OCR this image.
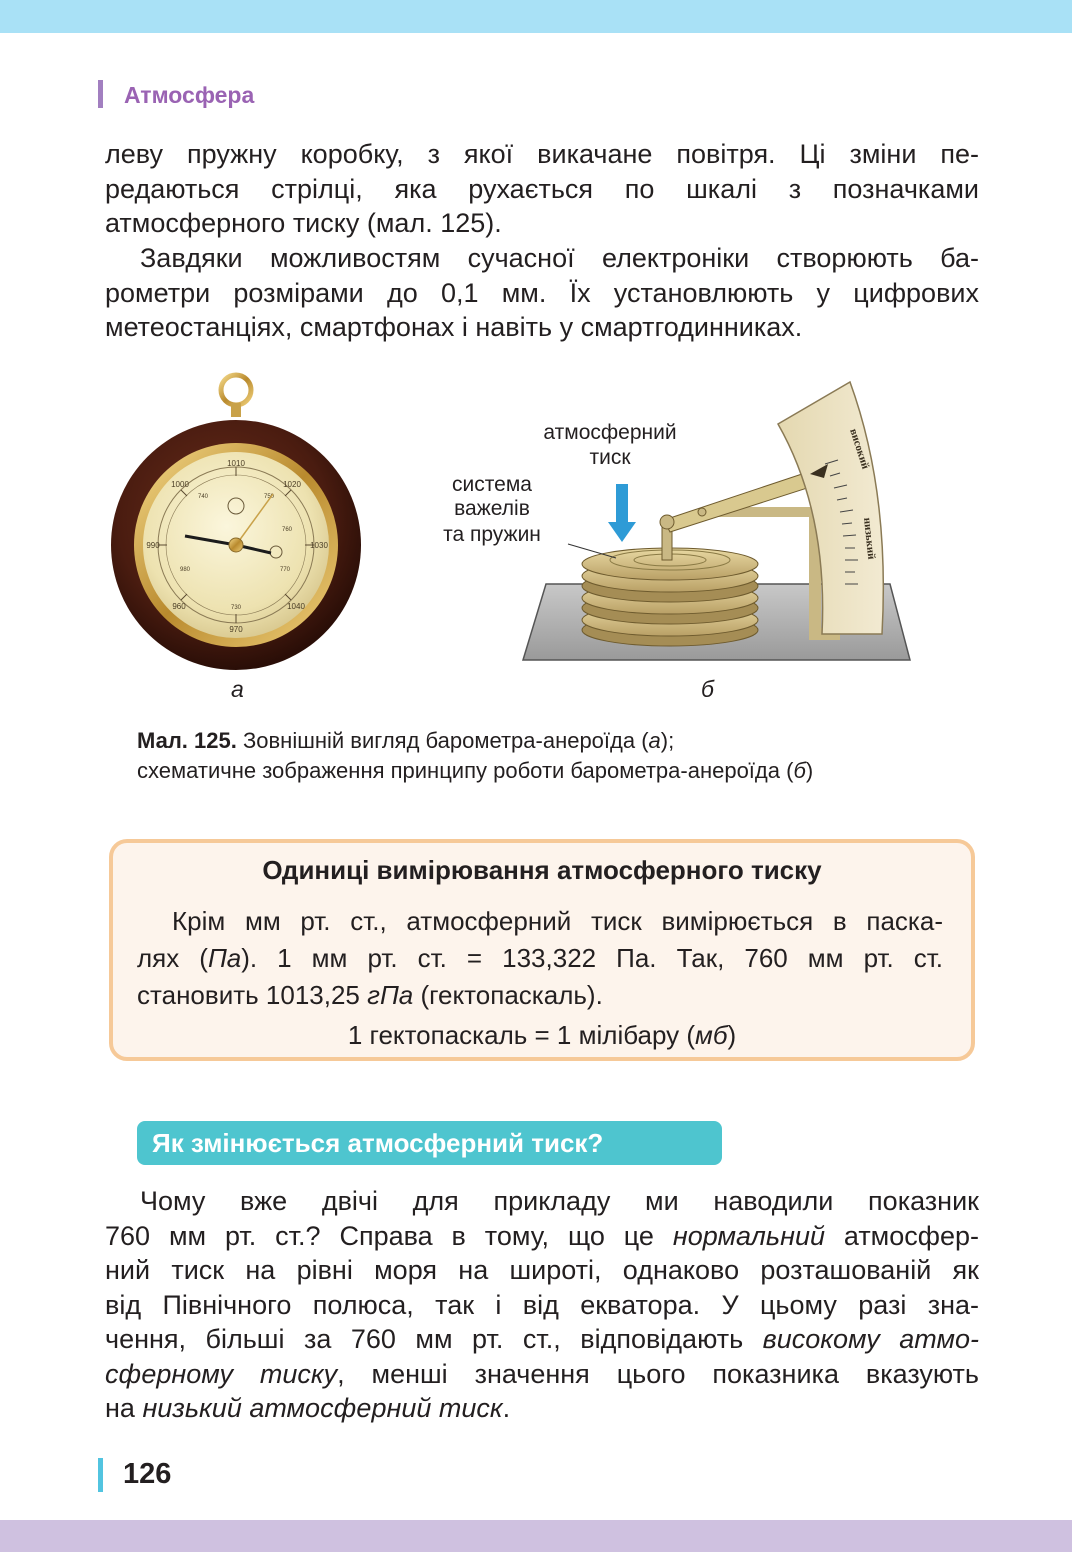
Атмосфера
леву пружну коробку, з якої викачане повітря. Ці зміни пе-
редаються стрілці, яка рухається по шкалі з позначками
атмосферного тиску (мал. 125).
Завдяки можливостям сучасної електроніки створюють ба-
рометри розмірами до 0,1 мм. Їх установлюють у цифрових
метеостанціях, смартфонах і навіть у смартгодинниках.
1010
1020
1030
1040
970
960
990
1000
740	750
760
770
730
980
високий
низький
атмосферний
тиск
система
важелів
та пружин
а	б
Мал. 125. Зовнішній вигляд барометра-анероїда (а);
схематичне зображення принципу роботи барометра-анероїда (б)
Одиниці вимірювання атмосферного тиску
Крім мм рт. ст., атмосферний тиск вимірюється в паска-
лях (Па). 1 мм рт. ст. = 133,322 Па. Так, 760 мм рт. ст.
становить 1013,25 гПа (гектопаскаль).
1 гектопаскаль = 1 мілібару (мб)
Як змінюється атмосферний тиск?
Чому вже двічі для прикладу ми наводили показник
760 мм рт. ст.? Справа в тому, що це нормальний атмосфер-
ний тиск на рівні моря на широті, однаково розташованій як
від Північного полюса, так і від екватора. У цьому разі зна-
чення, більші за 760 мм рт. ст., відповідають високому атмо-
сферному тиску, менші значення цього показника вказують
на низький атмосферний тиск.
126
